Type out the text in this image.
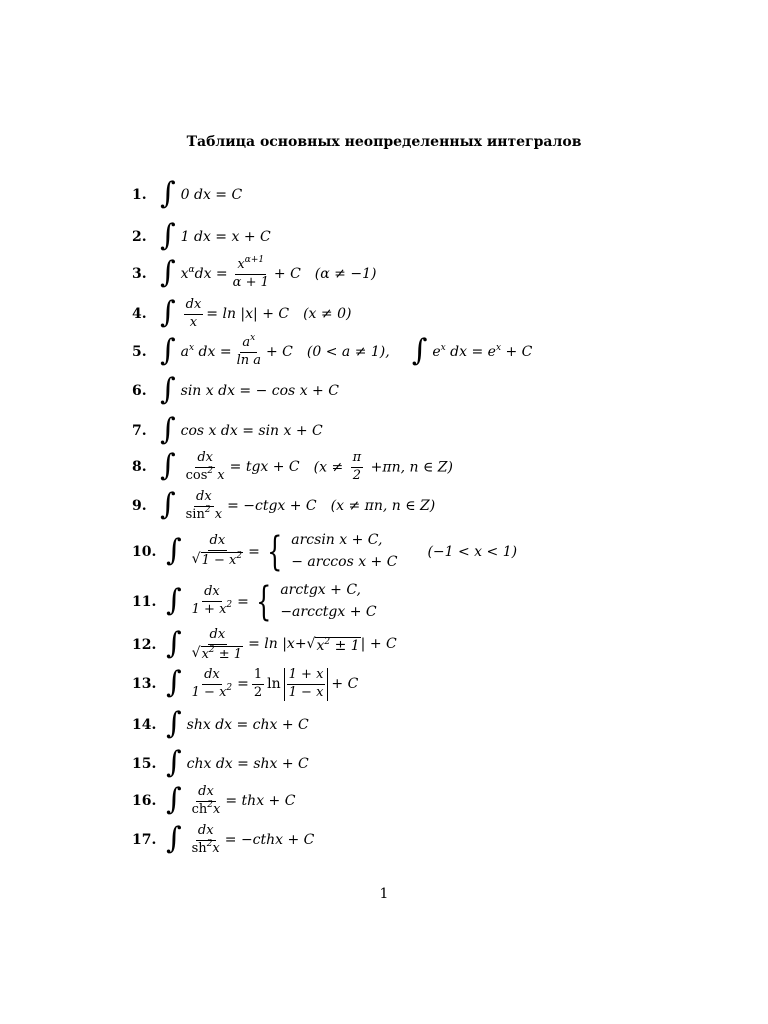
Таблица основных неопределенных интегралов
1. ∫ 0 dx = C
2. ∫ 1 dx = x + C
3. ∫ $x^\alpha dx = \frac{x^{\alpha+1}}{\alpha + 1} + C$ (α ≠ −1)
4. ∫ $\frac{dx}{x} = \ln |x| + C$ (x ≠ 0)
5. ∫ $a^x$ dx = $\frac{a^x}{\text{ln a}} + C$ (0 < a ≠ 1), ∫ $e^x$ dx = $e^x + C$
6. ∫ sin x dx = − cos x + C
7. ∫ cos x dx = sin x + C
8. ∫ $\frac{dx}{\cos^2 x}$ = tgx + C ($x \ne \frac{\pi}{2} +\pi n$, n ∈ Z)
9. ∫ $\frac{dx}{\sin^2 x}$ = −ctgx + C (x ≠ πn, n ∈ Z)
10. ∫ $\frac{dx}{√ 1 - x^2}$ = { arcsin x + C,
− arccos x + C
(−1 < x < 1)
11. ∫ $\frac{dx}{1 + x^2}$ = { arctgx + C,
−arcctgx + C
12. ∫ $\frac{dx}{√ x^2 \pm 1} = \ln |x+$ √ $x^2 \pm 1$ | + C
13. ∫ $\frac{dx}{1 - x^2} = \frac{1}{2}$ $\ln \frac{1 + x}{1 - x} + C$
14. ∫ shx dx = chx + C
15. ∫ chx dx = shx + C
16. ∫ $\frac{dx}{ch^2x}$ = thx + C
17. ∫ $\frac{dx}{sh^2x}$ = −cthx + C
1
